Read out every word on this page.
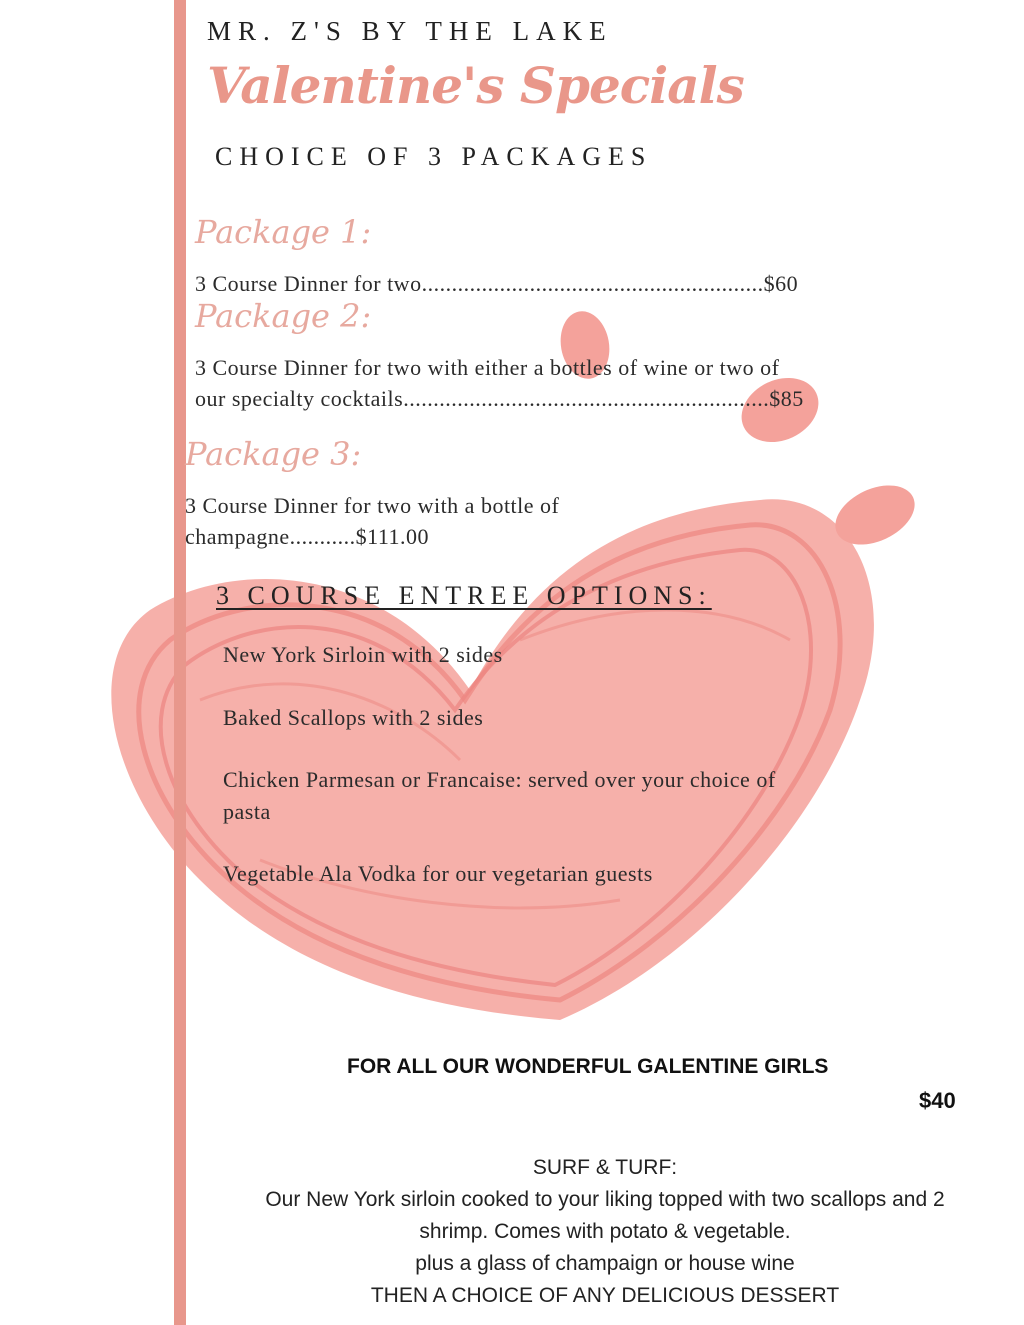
MR. Z'S BY THE LAKE
Valentine's Specials
CHOICE OF 3 PACKAGES
Package 1:
3 Course Dinner for two.........................................................$60
Package 2:
3 Course Dinner for two with either a bottles of wine or two of
our specialty cocktails.............................................................$85
Package 3:
3 Course Dinner for two with a bottle of
champagne...........$111.00
3 COURSE ENTREE OPTIONS:
New York Sirloin with 2 sides
Baked Scallops with 2 sides
Chicken Parmesan or Francaise: served over your choice of
pasta
Vegetable Ala Vodka for our vegetarian guests
FOR ALL OUR WONDERFUL GALENTINE GIRLS
$40
SURF & TURF:
Our New York sirloin cooked to your liking topped with two scallops and 2
shrimp. Comes with potato & vegetable.
plus a glass of champaign or house wine
THEN A CHOICE OF ANY DELICIOUS DESSERT
